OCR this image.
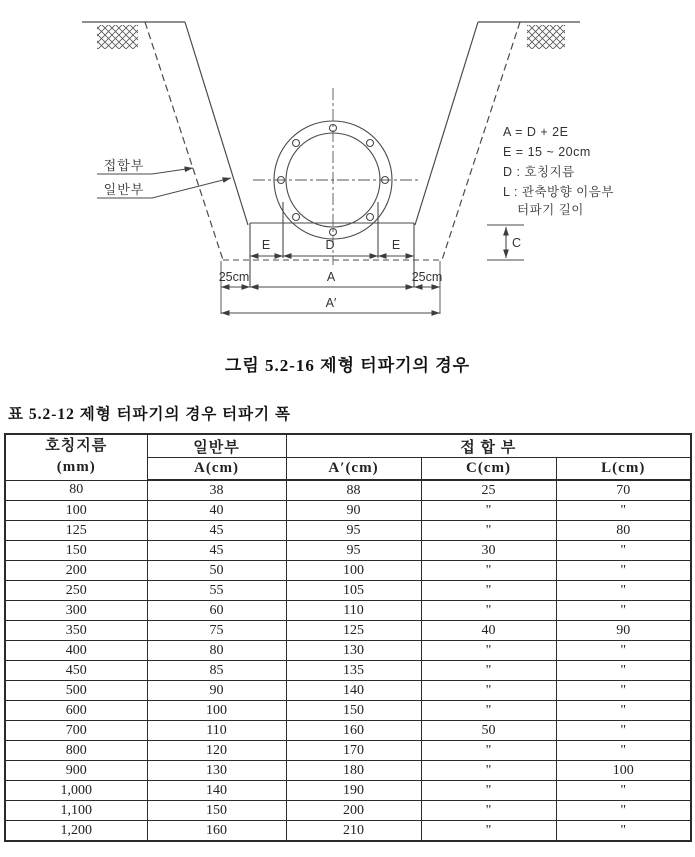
접합부
일반부
E	D	E
25cm	A	25cm
A′
C
A = D + 2E
E = 15 ~ 20cm
D : 호칭지름
L : 관축방향 이음부
터파기 길이
그림 5.2-16 제형 터파기의 경우
표 5.2-12 제형 터파기의 경우 터파기 폭
호칭지름
(mm)	일반부	접 합 부		
	A(cm)	A′(cm)	C(cm)	L(cm)
80	38	88	25	70
100	40	90	"	"
125	45	95	"	80
150	45	95	30	"
200	50	100	"	"
250	55	105	"	"
300	60	110	"	"
350	75	125	40	90
400	80	130	"	"
450	85	135	"	"
500	90	140	"	"
600	100	150	"	"
700	110	160	50	"
800	120	170	"	"
900	130	180	"	100
1,000	140	190	"	"
1,100	150	200	"	"
1,200	160	210	"	"
